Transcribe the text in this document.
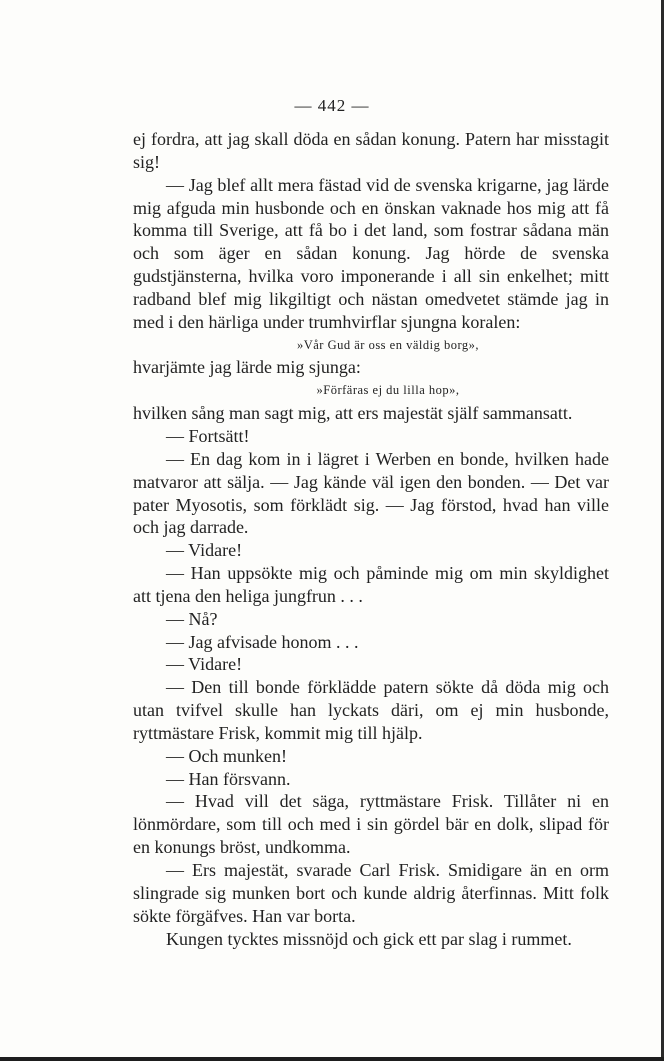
— 442 —

ej fordra, att jag skall döda en sådan konung. Patern har misstagit sig!

— Jag blef allt mera fästad vid de svenska krigarne, jag lärde mig afguda min husbonde och en önskan vaknade hos mig att få komma till Sverige, att få bo i det land, som fostrar sådana män och som äger en sådan konung. Jag hörde de svenska gudstjänsterna, hvilka voro imponerande i all sin enkelhet; mitt radband blef mig likgiltigt och nästan omedvetet stämde jag in med i den härliga under trumhvirflar sjungna koralen:

»Vår Gud är oss en väldig borg»,

hvarjämte jag lärde mig sjunga:

»Förfäras ej du lilla hop»,

hvilken sång man sagt mig, att ers majestät själf sammansatt.

— Fortsätt!

— En dag kom in i lägret i Werben en bonde, hvilken hade matvaror att sälja. — Jag kände väl igen den bonden. — Det var pater Myosotis, som förklädt sig. — Jag förstod, hvad han ville och jag darrade.

— Vidare!

— Han uppsökte mig och påminde mig om min skyldighet att tjena den heliga jungfrun . . .

— Nå?

— Jag afvisade honom . . .

— Vidare!

— Den till bonde förklädde patern sökte då döda mig och utan tvifvel skulle han lyckats däri, om ej min husbonde, ryttmästare Frisk, kommit mig till hjälp.

— Och munken!

— Han försvann.

— Hvad vill det säga, ryttmästare Frisk. Tillåter ni en lönmördare, som till och med i sin gördel bär en dolk, slipad för en konungs bröst, undkomma.

— Ers majestät, svarade Carl Frisk. Smidigare än en orm slingrade sig munken bort och kunde aldrig återfinnas. Mitt folk sökte förgäfves. Han var borta.

Kungen tycktes missnöjd och gick ett par slag i rummet.
